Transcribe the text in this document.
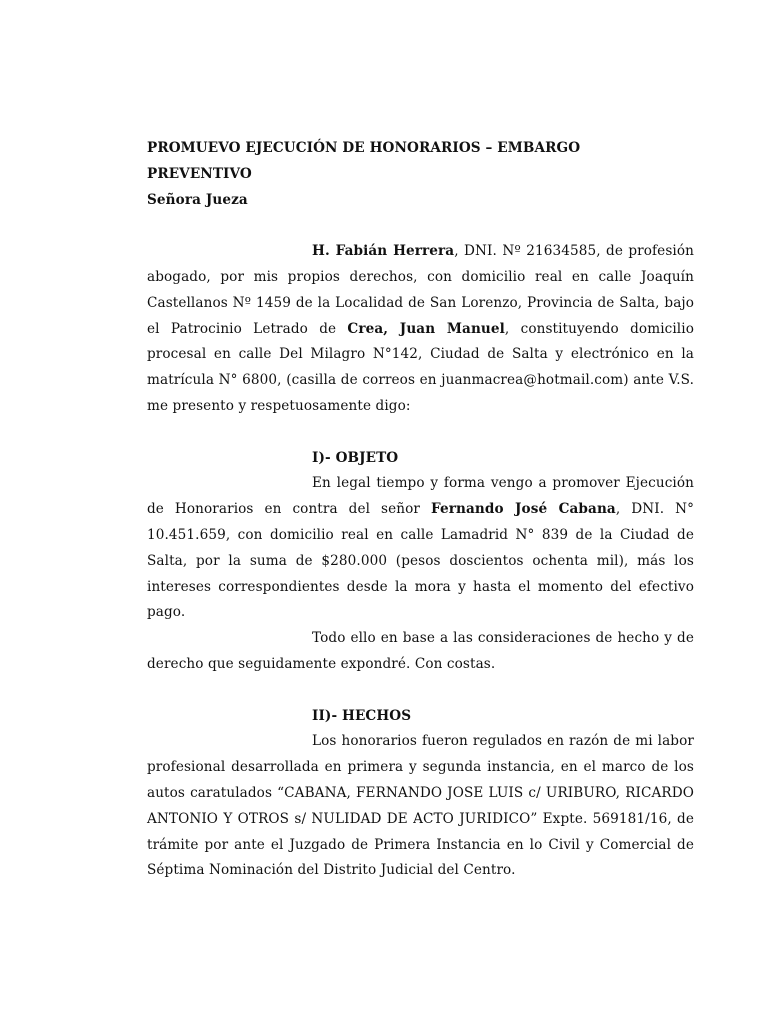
PROMUEVO EJECUCIÓN DE HONORARIOS – EMBARGO

PREVENTIVO

Señora Jueza

H. Fabián Herrera, DNI. Nº 21634585, de profesión abogado, por mis propios derechos, con domicilio real en calle Joaquín Castellanos Nº 1459 de la Localidad de San Lorenzo, Provincia de Salta, bajo el Patrocinio Letrado de Crea, Juan Manuel, constituyendo domicilio procesal en calle Del Milagro N°142, Ciudad de Salta y electrónico en la matrícula N° 6800, (casilla de correos en juanmacrea@hotmail.com) ante V.S. me presento y respetuosamente digo:

I)- OBJETO

En legal tiempo y forma vengo a promover Ejecución de Honorarios en contra del señor Fernando José Cabana, DNI. N° 10.451.659, con domicilio real en calle Lamadrid N° 839 de la Ciudad de Salta, por la suma de $280.000 (pesos doscientos ochenta mil), más los intereses correspondientes desde la mora y hasta el momento del efectivo pago.

Todo ello en base a las consideraciones de hecho y de derecho que seguidamente expondré. Con costas.

II)- HECHOS

Los honorarios fueron regulados en razón de mi labor profesional desarrollada en primera y segunda instancia, en el marco de los autos caratulados “CABANA, FERNANDO JOSE LUIS c/ URIBURO, RICARDO ANTONIO Y OTROS s/ NULIDAD DE ACTO JURIDICO” Expte. 569181/16, de trámite por ante el Juzgado de Primera Instancia en lo Civil y Comercial de Séptima Nominación del Distrito Judicial del Centro.
